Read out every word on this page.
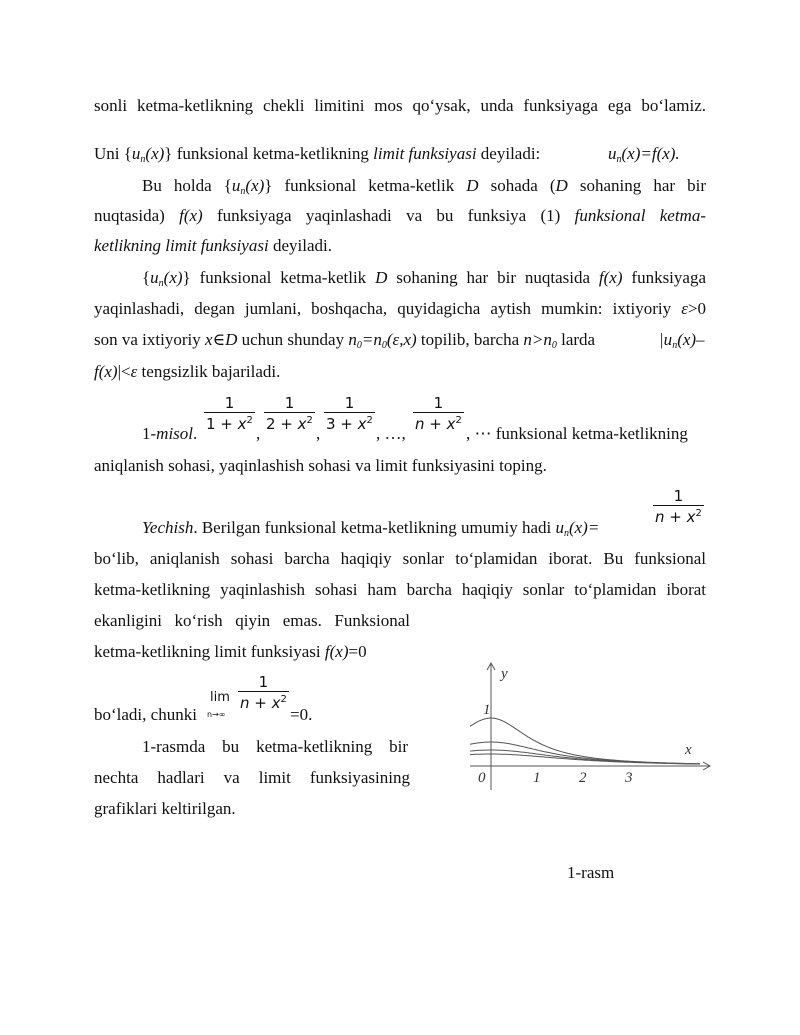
sonli ketma-ketlikning chekli limitini mos qo‘ysak, unda funksiyaga ega bo‘lamiz.
Uni $\{u_n(x)\}$ funksional ketma-ketlikning limit funksiyasi deyiladi:	$u_n(x)=f(x)$.
Bu holda $\{u_n(x)\}$ funksional ketma-ketlik D sohada (D sohaning har bir
nuqtasida) f(x) funksiyaga yaqinlashadi va bu funksiya (1) funksional ketma-
ketlikning limit funksiyasi deyiladi.
$\{u_n(x)\}$ funksional ketma-ketlik D sohaning har bir nuqtasida f(x) funksiyaga
yaqinlashadi, degan jumlani, boshqacha, quyidagicha aytish mumkin: ixtiyoriy ε>0
son va ixtiyoriy x∈D uchun shunday $n_0=n_0(\varepsilon,x)$ topilib, barcha $n>n_0$ larda	$|u_n(x)-$
f(x)|<ε tengsizlik bajariladi.
1-misol.
$\frac{1}{1 + x^2}$
,
$\frac{1}{2 + x^2}$
,
$\frac{1}{3 + x^2}$
, …,
$\frac{1}{n + x^2}$
, ⋯ funksional ketma-ketlikning
aniqlanish sohasi, yaqinlashish sohasi va limit funksiyasini toping.
Yechish. Berilgan funksional ketma-ketlikning umumiy hadi $u_n(x)=$
$\frac{1}{n + x^2}$
bo‘lib, aniqlanish sohasi barcha haqiqiy sonlar to‘plamidan iborat. Bu funksional
ketma-ketlikning yaqinlashish sohasi ham barcha haqiqiy sonlar to‘plamidan iborat
ekanligini ko‘rish qiyin emas. Funksional
ketma-ketlikning limit funksiyasi f(x)=0
bo‘ladi, chunki
lim
n→∞
$\frac{1}{n + x^2}$
=0.
1-rasmda bu ketma-ketlikning bir
nechta hadlari va limit funksiyasining
grafiklari keltirilgan.
y
x
1
0	1	2	3
1-rasm
